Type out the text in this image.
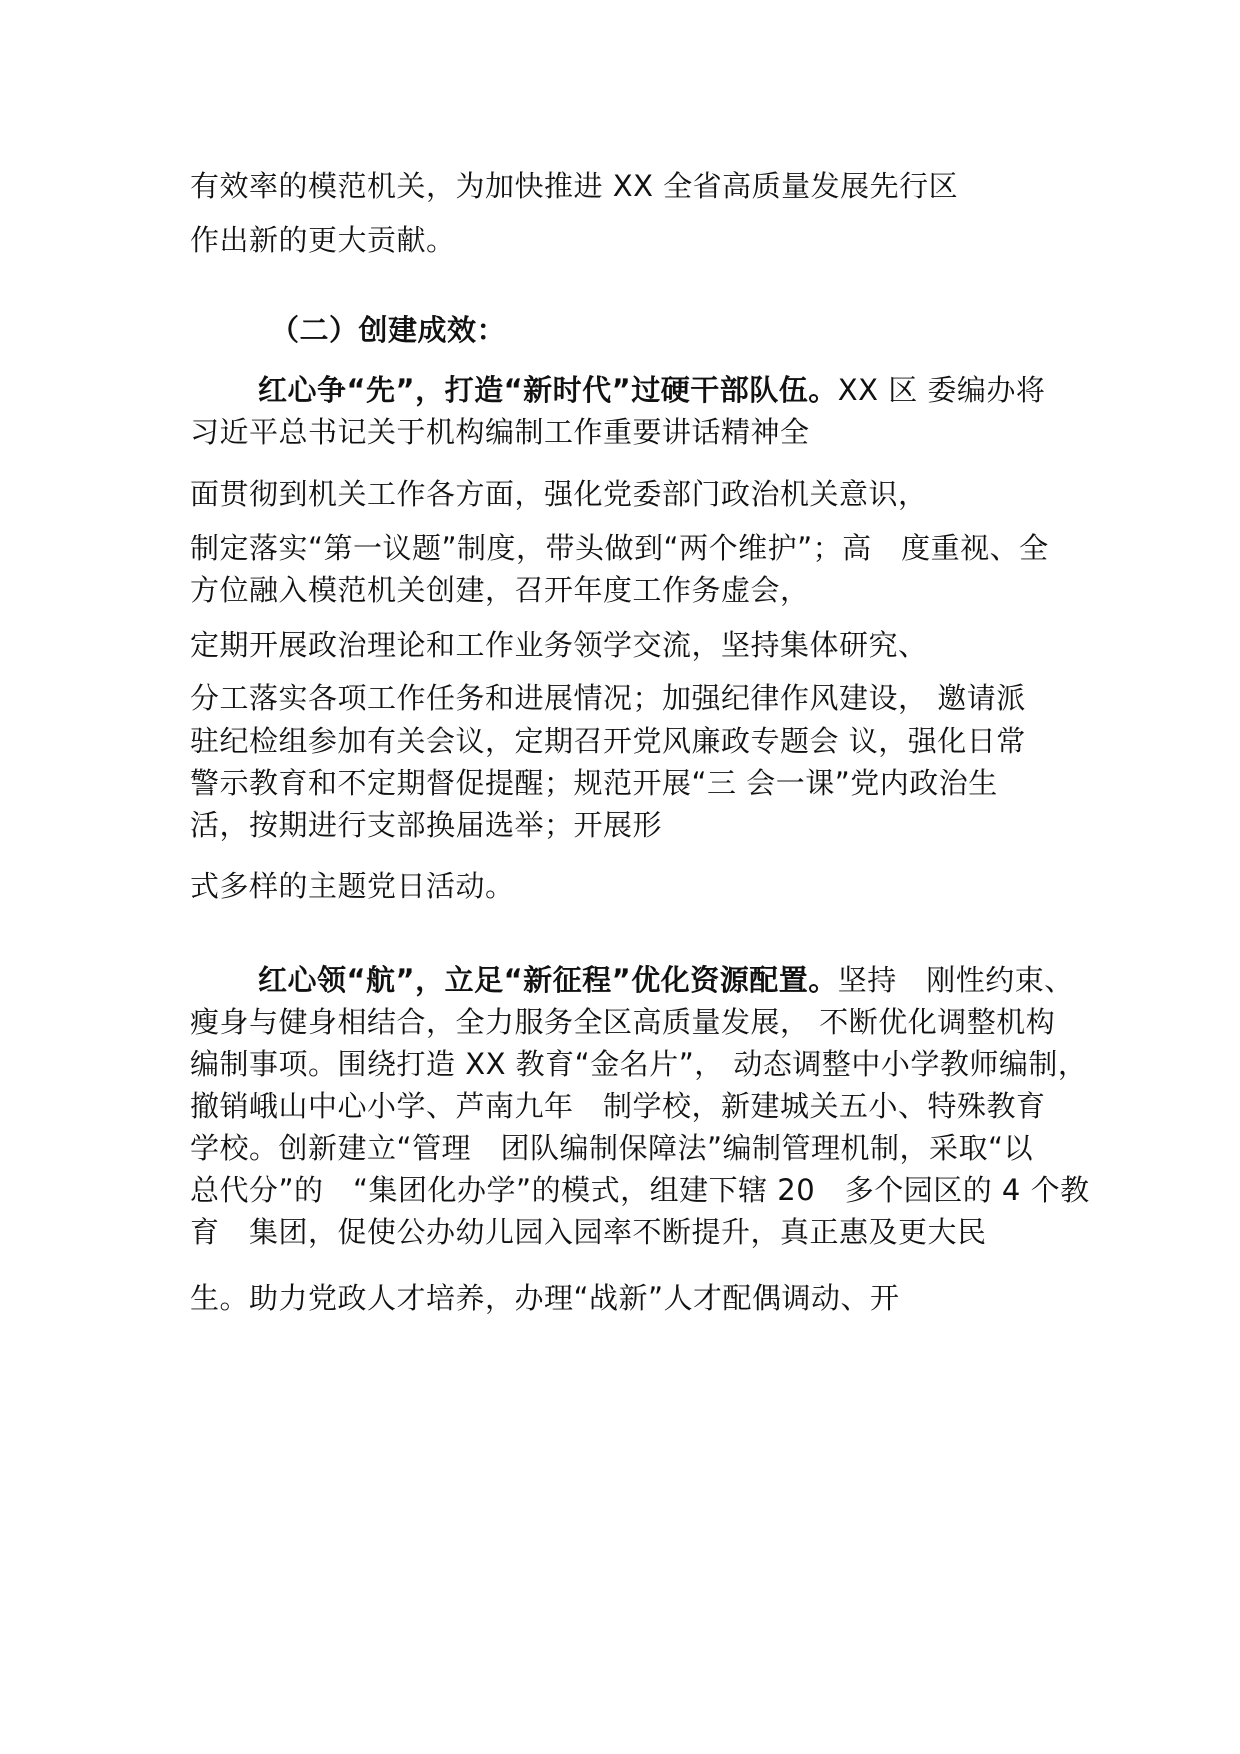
有效率的模范机关，为加快推进 XX 全省高质量发展先行区
作出新的更大贡献。
（二）创建成效：
红心争“先”，打造“新时代”过硬干部队伍。XX 区 委编办将
习近平总书记关于机构编制工作重要讲话精神全
面贯彻到机关工作各方面，强化党委部门政治机关意识，
制定落实“第一议题”制度，带头做到“两个维护”；高　度重视、全
方位融入模范机关创建，召开年度工作务虚会，
定期开展政治理论和工作业务领学交流，坚持集体研究、
分工落实各项工作任务和进展情况；加强纪律作风建设， 邀请派
驻纪检组参加有关会议，定期召开党风廉政专题会 议，强化日常
警示教育和不定期督促提醒；规范开展“三 会一课”党内政治生
活，按期进行支部换届选举；开展形
式多样的主题党日活动。
红心领“航”，立足“新征程”优化资源配置。坚持　刚性约束、
瘦身与健身相结合，全力服务全区高质量发展， 不断优化调整机构
编制事项。围绕打造 XX 教育“金名片”， 动态调整中小学教师编制，
撤销峨山中心小学、芦南九年　制学校，新建城关五小、特殊教育
学校。创新建立“管理　团队编制保障法”编制管理机制，采取“以
总代分”的　“集团化办学”的模式，组建下辖 20　多个园区的 4 个教
育　集团，促使公办幼儿园入园率不断提升，真正惠及更大民
生。助力党政人才培养，办理“战新”人才配偶调动、开
